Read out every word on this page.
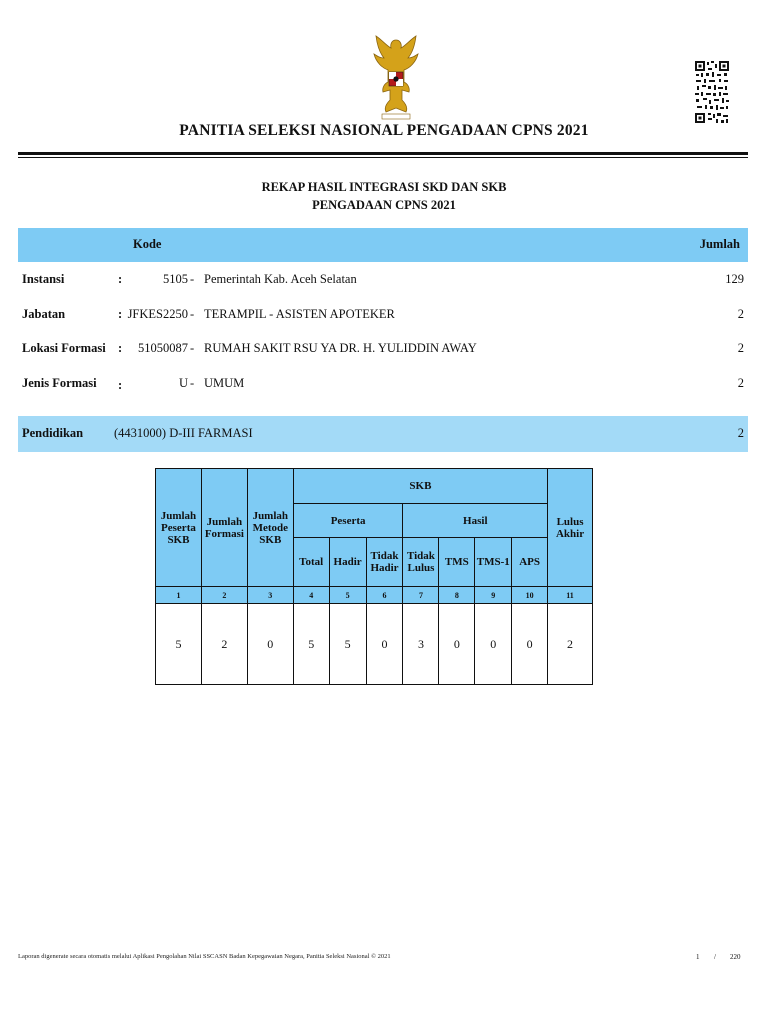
PANITIA SELEKSI NASIONAL PENGADAAN CPNS 2021
REKAP HASIL INTEGRASI SKD DAN SKB
PENGADAAN CPNS 2021
Kode	Jumlah
Instansi	:	5105 - Pemerintah Kab. Aceh Selatan	129
Jabatan	: JFKES2250 - TERAMPIL - ASISTEN APOTEKER	2
Lokasi Formasi : 51050087 - RUMAH SAKIT RSU YA DR. H. YULIDDIN AWAY	2
Jenis Formasi :	U - UMUM	2
Pendidikan (4431000) D-III FARMASI	2
Jumlah Peserta SKB	Jumlah Formasi	Jumlah Metode SKB	SKB							Lulus Akhir
			Peserta			Hasil				
			Total	Hadir	Tidak Hadir	Tidak Lulus	TMS	TMS-1	APS	
1	2	3	4	5	6	7	8	9	10	11
5	2	0	5	5	0	3	0	0	0	2
Laporan digenerate secara otomatis melalui Aplikasi Pengolahan Nilai SSCASN Badan Kepegawaian Negara, Panitia Seleksi Nasional © 2021	1 / 220
